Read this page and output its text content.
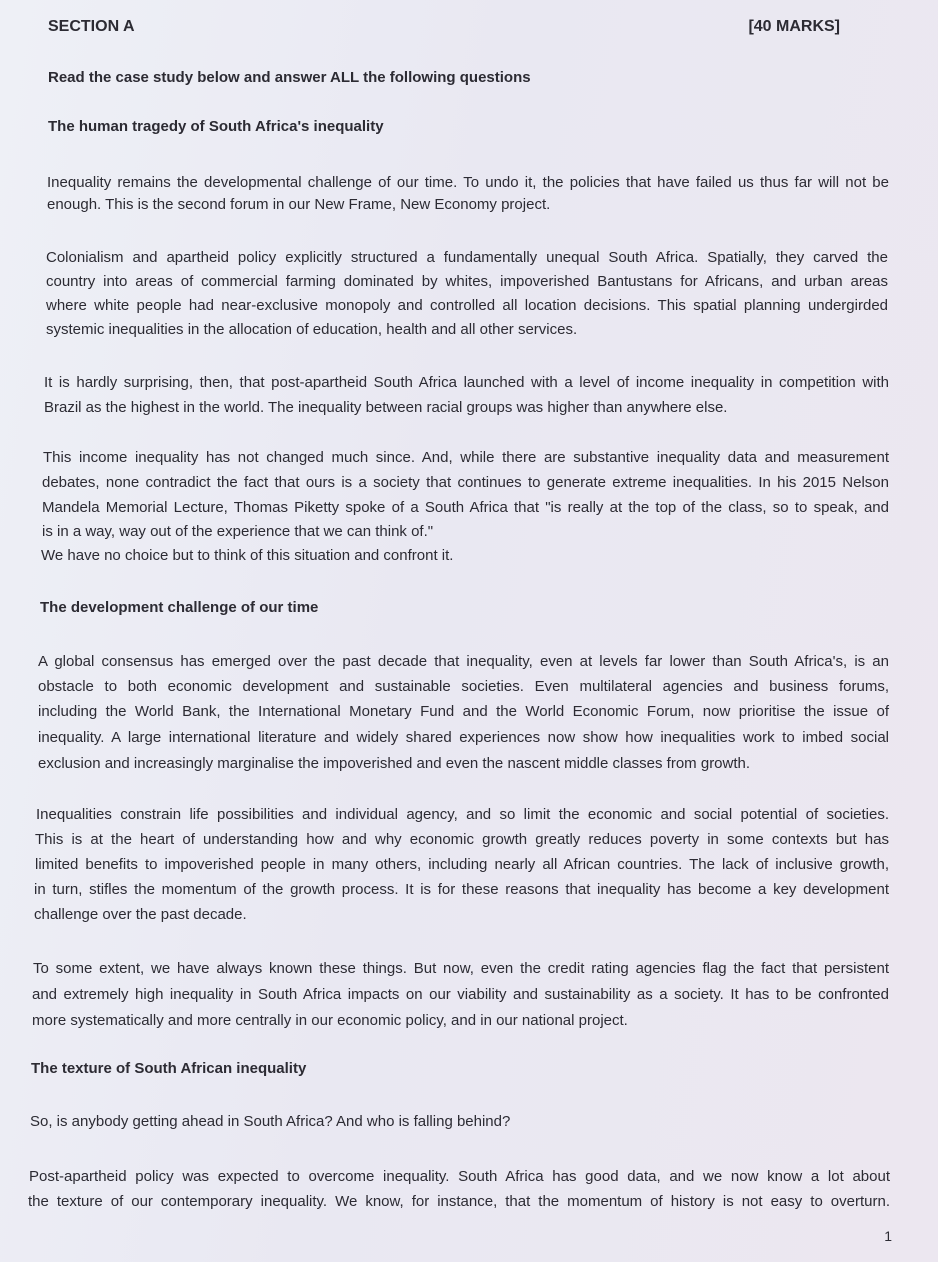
SECTION A	[40 MARKS]
Read the case study below and answer ALL the following questions
The human tragedy of South Africa's inequality
Inequality remains the developmental challenge of our time. To undo it, the policies that have failed us thus far will not be
enough. This is the second forum in our New Frame, New Economy project.
Colonialism and apartheid policy explicitly structured a fundamentally unequal South Africa. Spatially, they carved the
country into areas of commercial farming dominated by whites, impoverished Bantustans for Africans, and urban areas
where white people had near-exclusive monopoly and controlled all location decisions. This spatial planning undergirded
systemic inequalities in the allocation of education, health and all other services.
It is hardly surprising, then, that post-apartheid South Africa launched with a level of income inequality in competition with
Brazil as the highest in the world. The inequality between racial groups was higher than anywhere else.
This income inequality has not changed much since. And, while there are substantive inequality data and measurement
debates, none contradict the fact that ours is a society that continues to generate extreme inequalities. In his 2015 Nelson
Mandela Memorial Lecture, Thomas Piketty spoke of a South Africa that "is really at the top of the class, so to speak, and
is in a way, way out of the experience that we can think of."
We have no choice but to think of this situation and confront it.
The development challenge of our time
A global consensus has emerged over the past decade that inequality, even at levels far lower than South Africa's, is an
obstacle to both economic development and sustainable societies. Even multilateral agencies and business forums,
including the World Bank, the International Monetary Fund and the World Economic Forum, now prioritise the issue of
inequality. A large international literature and widely shared experiences now show how inequalities work to imbed social
exclusion and increasingly marginalise the impoverished and even the nascent middle classes from growth.
Inequalities constrain life possibilities and individual agency, and so limit the economic and social potential of societies.
This is at the heart of understanding how and why economic growth greatly reduces poverty in some contexts but has
limited benefits to impoverished people in many others, including nearly all African countries. The lack of inclusive growth,
in turn, stifles the momentum of the growth process. It is for these reasons that inequality has become a key development
challenge over the past decade.
To some extent, we have always known these things. But now, even the credit rating agencies flag the fact that persistent
and extremely high inequality in South Africa impacts on our viability and sustainability as a society. It has to be confronted
more systematically and more centrally in our economic policy, and in our national project.
The texture of South African inequality
So, is anybody getting ahead in South Africa? And who is falling behind?
Post-apartheid policy was expected to overcome inequality. South Africa has good data, and we now know a lot about
the texture of our contemporary inequality. We know, for instance, that the momentum of history is not easy to overturn.
1
